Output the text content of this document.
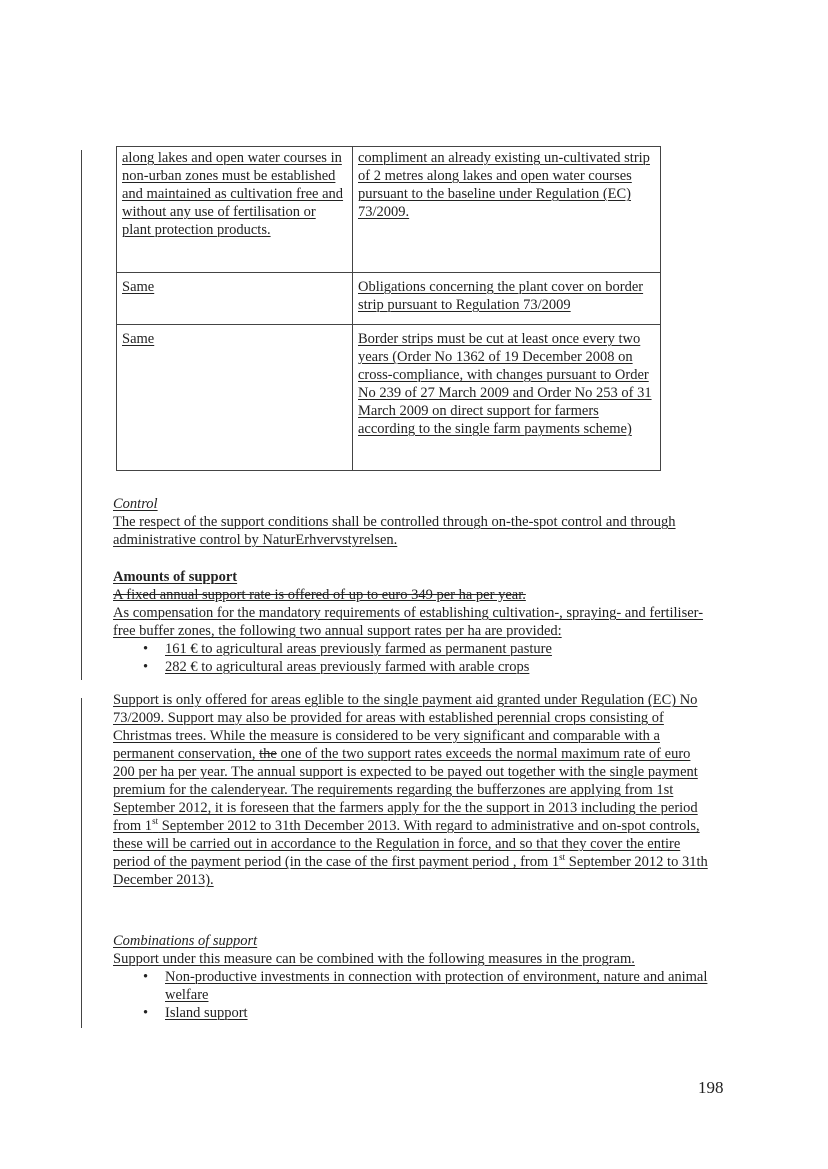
along lakes and open water courses in non-urban zones must be established and maintained as cultivation free and without any use of fertilisation or plant protection products.	compliment an already existing un-cultivated strip of 2 metres along lakes and open water courses pursuant to the baseline under Regulation (EC) 73/2009.
Same	Obligations concerning the plant cover on border strip pursuant to Regulation 73/2009
Same	Border strips must be cut at least once every two years (Order No 1362 of 19 December 2008 on cross-compliance, with changes pursuant to Order No 239 of 27 March 2009 and Order No 253 of 31 March 2009 on direct support for farmers according to the single farm payments scheme)
Control
The respect of the support conditions shall be controlled through on-the-spot control and through administrative control by NaturErhvervstyrelsen.
Amounts of support
A fixed annual support rate is offered of up to euro 349 per ha per year.
As compensation for the mandatory requirements of establishing cultivation-, spraying- and fertiliser-free buffer zones, the following two annual support rates per ha are provided:
• 161 € to agricultural areas previously farmed as permanent pasture
• 282 € to agricultural areas previously farmed with arable crops
Support is only offered for areas eglible to the single payment aid granted under Regulation (EC) No 73/2009. Support may also be provided for areas with established perennial crops consisting of Christmas trees. While the measure is considered to be very significant and comparable with a permanent conservation, the one of the two support rates exceeds the normal maximum rate of euro 200 per ha per year. The annual support is expected to be payed out together with the single payment premium for the calenderyear. The requirements regarding the bufferzones are applying from 1st September 2012, it is foreseen that the farmers apply for the the support in 2013 including the period from 1st September 2012 to 31th December 2013. With regard to administrative and on-spot controls, these will be carried out in accordance to the Regulation in force, and so that they cover the entire period of the payment period (in the case of the first payment period , from 1st September 2012 to 31th December 2013).
Combinations of support
Support under this measure can be combined with the following measures in the program.
• Non-productive investments in connection with protection of environment, nature and animal welfare
• Island support
198
